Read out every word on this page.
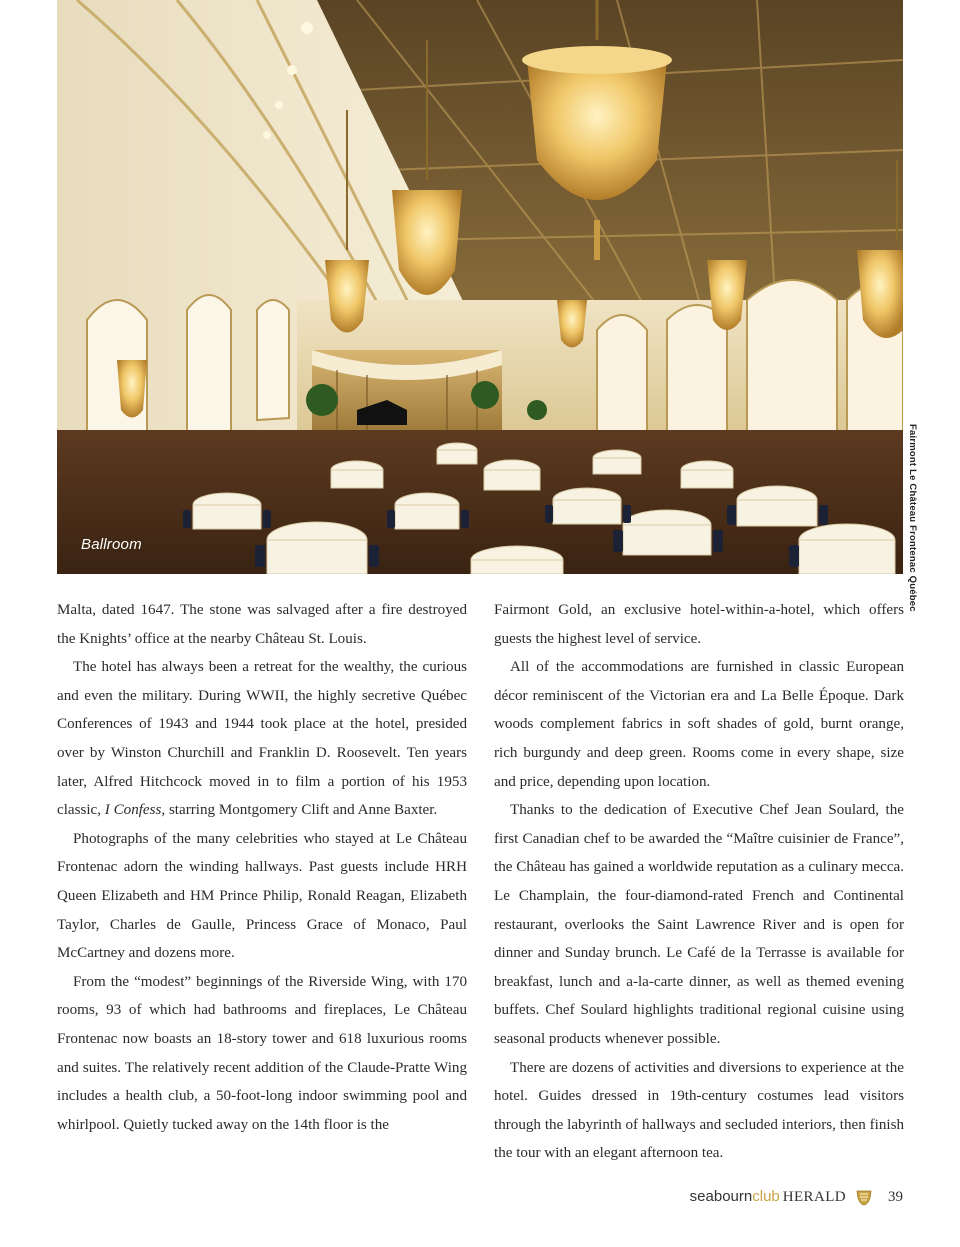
Ballroom	Fairmont Le Château Frontenac Québec

Malta, dated 1647. The stone was salvaged after a fire destroyed the Knights’ office at the nearby Château St. Louis.

The hotel has always been a retreat for the wealthy, the curious and even the military. During WWII, the highly secretive Québec Conferences of 1943 and 1944 took place at the hotel, presided over by Winston Churchill and Franklin D. Roosevelt. Ten years later, Alfred Hitchcock moved in to film a portion of his 1953 classic, I Confess, starring Montgomery Clift and Anne Baxter.

Photographs of the many celebrities who stayed at Le Château Frontenac adorn the winding hallways. Past guests include HRH Queen Elizabeth and HM Prince Philip, Ronald Reagan, Elizabeth Taylor, Charles de Gaulle, Princess Grace of Monaco, Paul McCartney and dozens more.

From the “modest” beginnings of the Riverside Wing, with 170 rooms, 93 of which had bathrooms and fireplaces, Le Château Frontenac now boasts an 18-story tower and 618 luxurious rooms and suites. The relatively recent addition of the Claude-Pratte Wing includes a health club, a 50-foot-long indoor swimming pool and whirlpool. Quietly tucked away on the 14th floor is the

Fairmont Gold, an exclusive hotel-within-a-hotel, which offers guests the highest level of service.

All of the accommodations are furnished in classic European décor reminiscent of the Victorian era and La Belle Époque. Dark woods complement fabrics in soft shades of gold, burnt orange, rich burgundy and deep green. Rooms come in every shape, size and price, depending upon location.

Thanks to the dedication of Executive Chef Jean Soulard, the first Canadian chef to be awarded the “Maître cuisinier de France”, the Château has gained a worldwide reputation as a culinary mecca. Le Champlain, the four-diamond-rated French and Continental restaurant, overlooks the Saint Lawrence River and is open for dinner and Sunday brunch. Le Café de la Terrasse is available for breakfast, lunch and a-la-carte dinner, as well as themed evening buffets. Chef Soulard highlights traditional regional cuisine using seasonal products whenever possible.

There are dozens of activities and diversions to experience at the hotel. Guides dressed in 19th-century costumes lead visitors through the labyrinth of hallways and secluded interiors, then finish the tour with an elegant afternoon tea.

seabournclub HERALD	39
